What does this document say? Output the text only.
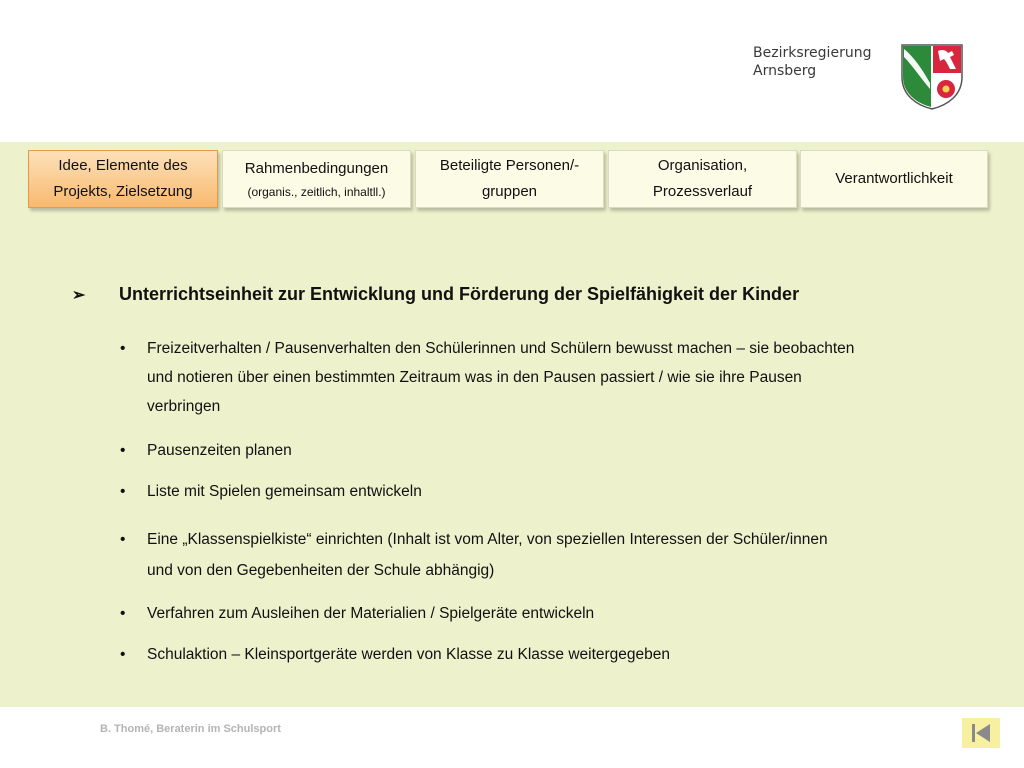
Bezirksregierung
Arnsberg
Idee, Elemente des
Projekts, Zielsetzung
Rahmenbedingungen
(organis., zeitlich, inhaltll.)
Beteiligte Personen/-
gruppen
Organisation,
Prozessverlauf
Verantwortlichkeit
➢	Unterrichtseinheit zur Entwicklung und Förderung der Spielfähigkeit der Kinder
•	Freizeitverhalten / Pausenverhalten den Schülerinnen und Schülern bewusst machen – sie beobachten
und notieren über einen bestimmten Zeitraum was in den Pausen passiert / wie sie ihre Pausen
verbringen
•	Pausenzeiten planen
•	Liste mit Spielen gemeinsam entwickeln
•	Eine „Klassenspielkiste“ einrichten (Inhalt ist vom Alter, von speziellen Interessen der Schüler/innen
und von den Gegebenheiten der Schule abhängig)
•	Verfahren zum Ausleihen der Materialien / Spielgeräte entwickeln
•	Schulaktion – Kleinsportgeräte werden von Klasse zu Klasse weitergegeben
B. Thomé, Beraterin im Schulsport
